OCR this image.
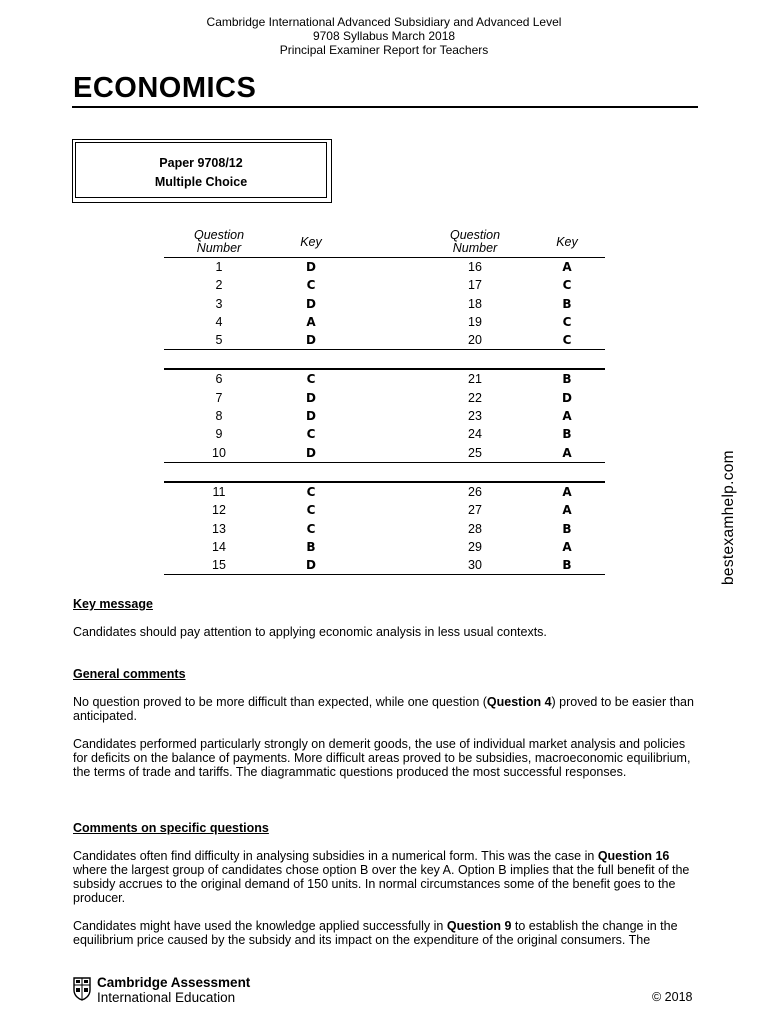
Cambridge International Advanced Subsidiary and Advanced Level
9708 Syllabus March 2018
Principal Examiner Report for Teachers
ECONOMICS
Paper 9708/12
Multiple Choice
Question
Number	Key	Question
Number	Key
1	D	16	A
2	C	17	C
3	D	18	B
4	A	19	C
5	D	20	C
6	C	21	B
7	D	22	D
8	D	23	A
9	C	24	B
10	D	25	A
11	C	26	A
12	C	27	A
13	C	28	B
14	B	29	A
15	D	30	B
Key message
Candidates should pay attention to applying economic analysis in less usual contexts.
General comments
No question proved to be more difficult than expected, while one question (Question 4) proved to be easier than anticipated.
Candidates performed particularly strongly on demerit goods, the use of individual market analysis and policies for deficits on the balance of payments. More difficult areas proved to be subsidies, macroeconomic equilibrium, the terms of trade and tariffs. The diagrammatic questions produced the most successful responses.
Comments on specific questions
Candidates often find difficulty in analysing subsidies in a numerical form. This was the case in Question 16 where the largest group of candidates chose option B over the key A. Option B implies that the full benefit of the subsidy accrues to the original demand of 150 units. In normal circumstances some of the benefit goes to the producer.
Candidates might have used the knowledge applied successfully in Question 9 to establish the change in the equilibrium price caused by the subsidy and its impact on the expenditure of the original consumers. The
bestexamhelp.com
Cambridge Assessment
International Education	© 2018
